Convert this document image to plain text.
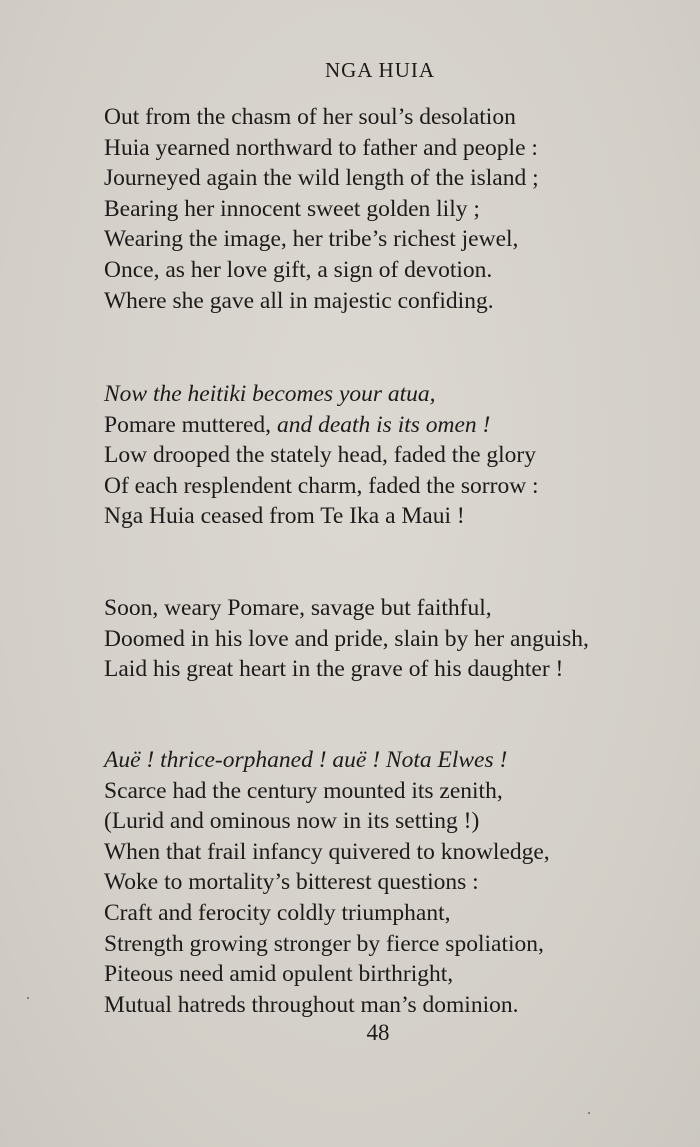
NGA HUIA
Out from the chasm of her soul’s desolation
Huia yearned northward to father and people :
Journeyed again the wild length of the island ;
Bearing her innocent sweet golden lily ;
Wearing the image, her tribe’s richest jewel,
Once, as her love gift, a sign of devotion.
Where she gave all in majestic confiding.
Now the heitiki becomes your atua,
Pomare muttered, and death is its omen !
Low drooped the stately head, faded the glory
Of each resplendent charm, faded the sorrow :
Nga Huia ceased from Te Ika a Maui !
Soon, weary Pomare, savage but faithful,
Doomed in his love and pride, slain by her anguish,
Laid his great heart in the grave of his daughter !
Auë ! thrice-orphaned ! auë ! Nota Elwes !
Scarce had the century mounted its zenith,
(Lurid and ominous now in its setting !)
When that frail infancy quivered to knowledge,
Woke to mortality’s bitterest questions :
Craft and ferocity coldly triumphant,
Strength growing stronger by fierce spoliation,
Piteous need amid opulent birthright,
Mutual hatreds throughout man’s dominion.
48
